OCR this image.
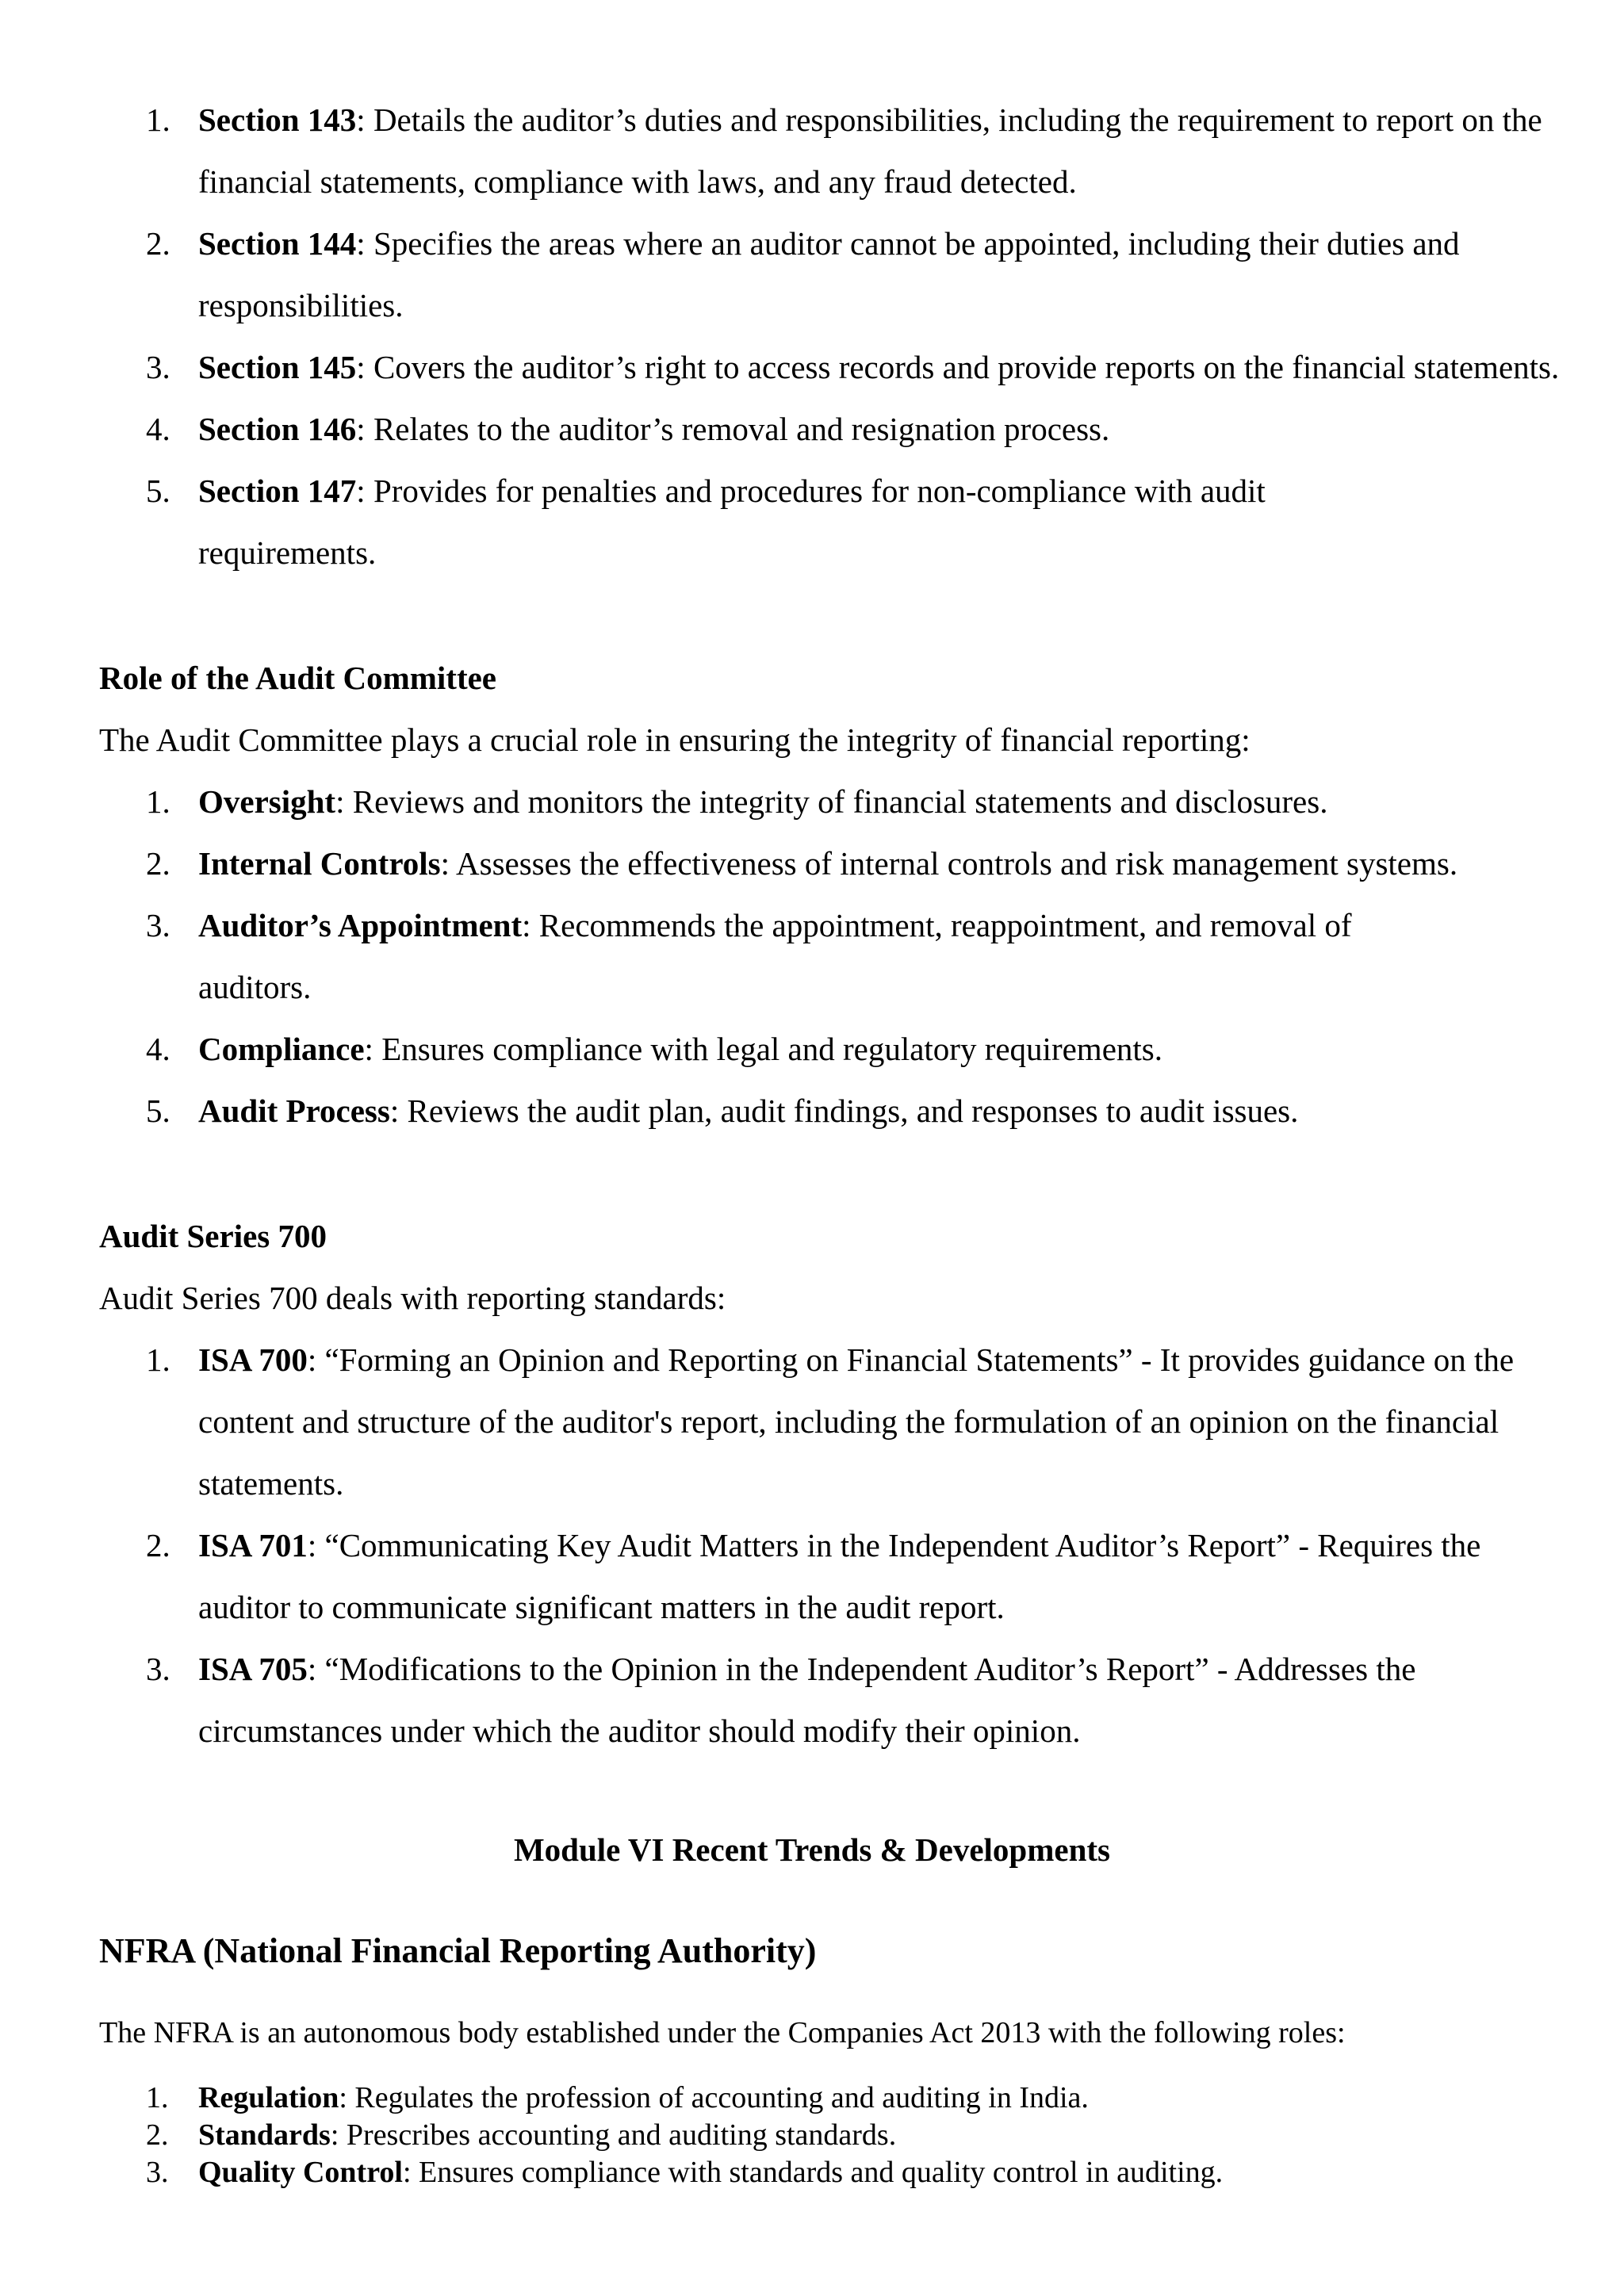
1. Section 143: Details the auditor’s duties and responsibilities, including the requirement to report on the financial statements, compliance with laws, and any fraud detected.
2. Section 144: Specifies the areas where an auditor cannot be appointed, including their duties and responsibilities.
3. Section 145: Covers the auditor’s right to access records and provide reports on the financial statements.
4. Section 146: Relates to the auditor’s removal and resignation process.
5. Section 147: Provides for penalties and procedures for non-compliance with audit requirements.
Role of the Audit Committee
The Audit Committee plays a crucial role in ensuring the integrity of financial reporting:
1. Oversight: Reviews and monitors the integrity of financial statements and disclosures.
2. Internal Controls: Assesses the effectiveness of internal controls and risk management systems.
3. Auditor’s Appointment: Recommends the appointment, reappointment, and removal of auditors.
4. Compliance: Ensures compliance with legal and regulatory requirements.
5. Audit Process: Reviews the audit plan, audit findings, and responses to audit issues.
Audit Series 700
Audit Series 700 deals with reporting standards:
1. ISA 700: “Forming an Opinion and Reporting on Financial Statements” - It provides guidance on the content and structure of the auditor's report, including the formulation of an opinion on the financial statements.
2. ISA 701: “Communicating Key Audit Matters in the Independent Auditor’s Report” - Requires the auditor to communicate significant matters in the audit report.
3. ISA 705: “Modifications to the Opinion in the Independent Auditor’s Report” - Addresses the circumstances under which the auditor should modify their opinion.
Module VI Recent Trends & Developments
NFRA (National Financial Reporting Authority)
The NFRA is an autonomous body established under the Companies Act 2013 with the following roles:
1. Regulation: Regulates the profession of accounting and auditing in India.
2. Standards: Prescribes accounting and auditing standards.
3. Quality Control: Ensures compliance with standards and quality control in auditing.
